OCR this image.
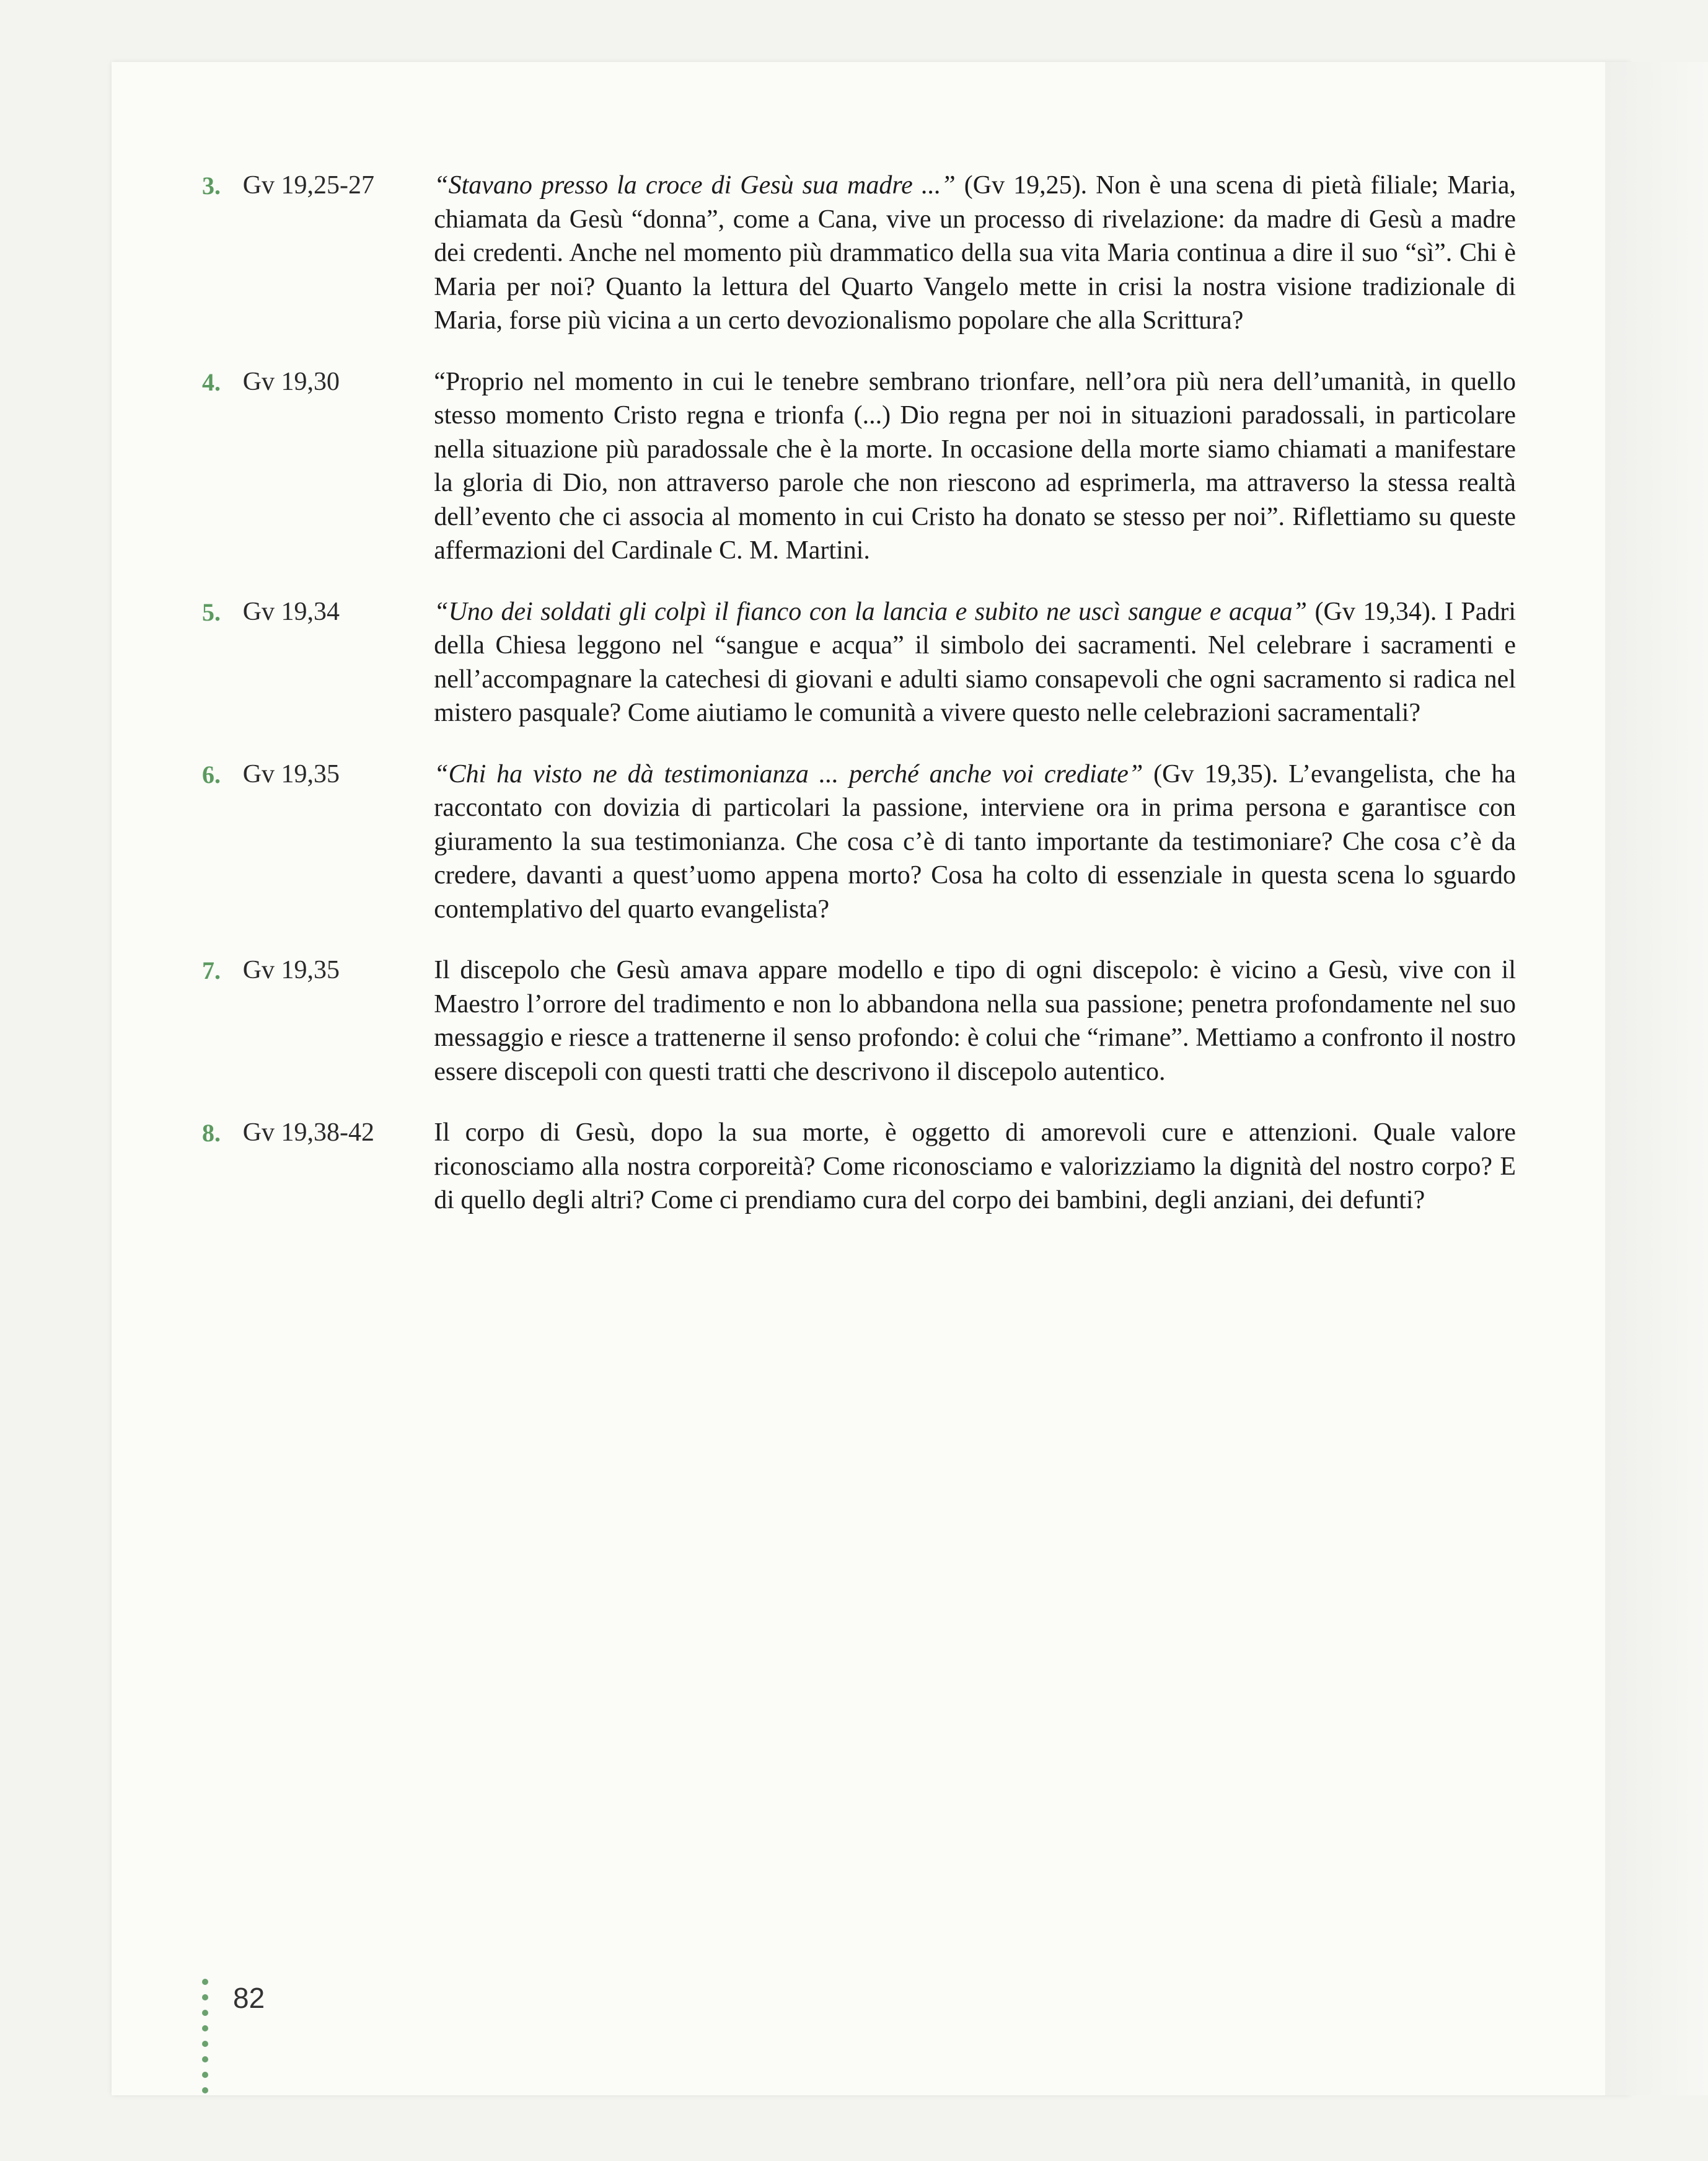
3. Gv 19,25-27	“Stavano presso la croce di Gesù sua madre ...” (Gv 19,25). Non è una scena di pietà filiale; Maria, chiamata da Gesù “donna”, come a Cana, vive un processo di rivelazione: da madre di Gesù a madre dei credenti. Anche nel momento più drammatico della sua vita Maria continua a dire il suo “sì”. Chi è Maria per noi? Quanto la lettura del Quarto Vangelo mette in crisi la nostra visione tradizionale di Maria, forse più vicina a un certo devozionalismo popolare che alla Scrittura?
4. Gv 19,30	“Proprio nel momento in cui le tenebre sembrano trionfare, nell’ora più nera dell’umanità, in quello stesso momento Cristo regna e trionfa (...) Dio regna per noi in situazioni paradossali, in particolare nella situazione più paradossale che è la morte. In occasione della morte siamo chiamati a manifestare la gloria di Dio, non attraverso parole che non riescono ad esprimerla, ma attraverso la stessa realtà dell’evento che ci associa al momento in cui Cristo ha donato se stesso per noi”. Riflettiamo su queste affermazioni del Cardinale C. M. Martini.
5. Gv 19,34	“Uno dei soldati gli colpì il fianco con la lancia e subito ne uscì sangue e acqua” (Gv 19,34). I Padri della Chiesa leggono nel “sangue e acqua” il simbolo dei sacramenti. Nel celebrare i sacramenti e nell’accompagnare la catechesi di giovani e adulti siamo consapevoli che ogni sacramento si radica nel mistero pasquale? Come aiutiamo le comunità a vivere questo nelle celebrazioni sacramentali?
6. Gv 19,35	“Chi ha visto ne dà testimonianza ... perché anche voi crediate” (Gv 19,35). L’evangelista, che ha raccontato con dovizia di particolari la passione, interviene ora in prima persona e garantisce con giuramento la sua testimonianza. Che cosa c’è di tanto importante da testimoniare? Che cosa c’è da credere, davanti a quest’uomo appena morto? Cosa ha colto di essenziale in questa scena lo sguardo contemplativo del quarto evangelista?
7. Gv 19,35	Il discepolo che Gesù amava appare modello e tipo di ogni discepolo: è vicino a Gesù, vive con il Maestro l’orrore del tradimento e non lo abbandona nella sua passione; penetra profondamente nel suo messaggio e riesce a trattenerne il senso profondo: è colui che “rimane”. Mettiamo a confronto il nostro essere discepoli con questi tratti che descrivono il discepolo autentico.
8. Gv 19,38-42	Il corpo di Gesù, dopo la sua morte, è oggetto di amorevoli cure e attenzioni. Quale valore riconosciamo alla nostra corporeità? Come riconosciamo e valorizziamo la dignità del nostro corpo? E di quello degli altri? Come ci prendiamo cura del corpo dei bambini, degli anziani, dei defunti?
82
